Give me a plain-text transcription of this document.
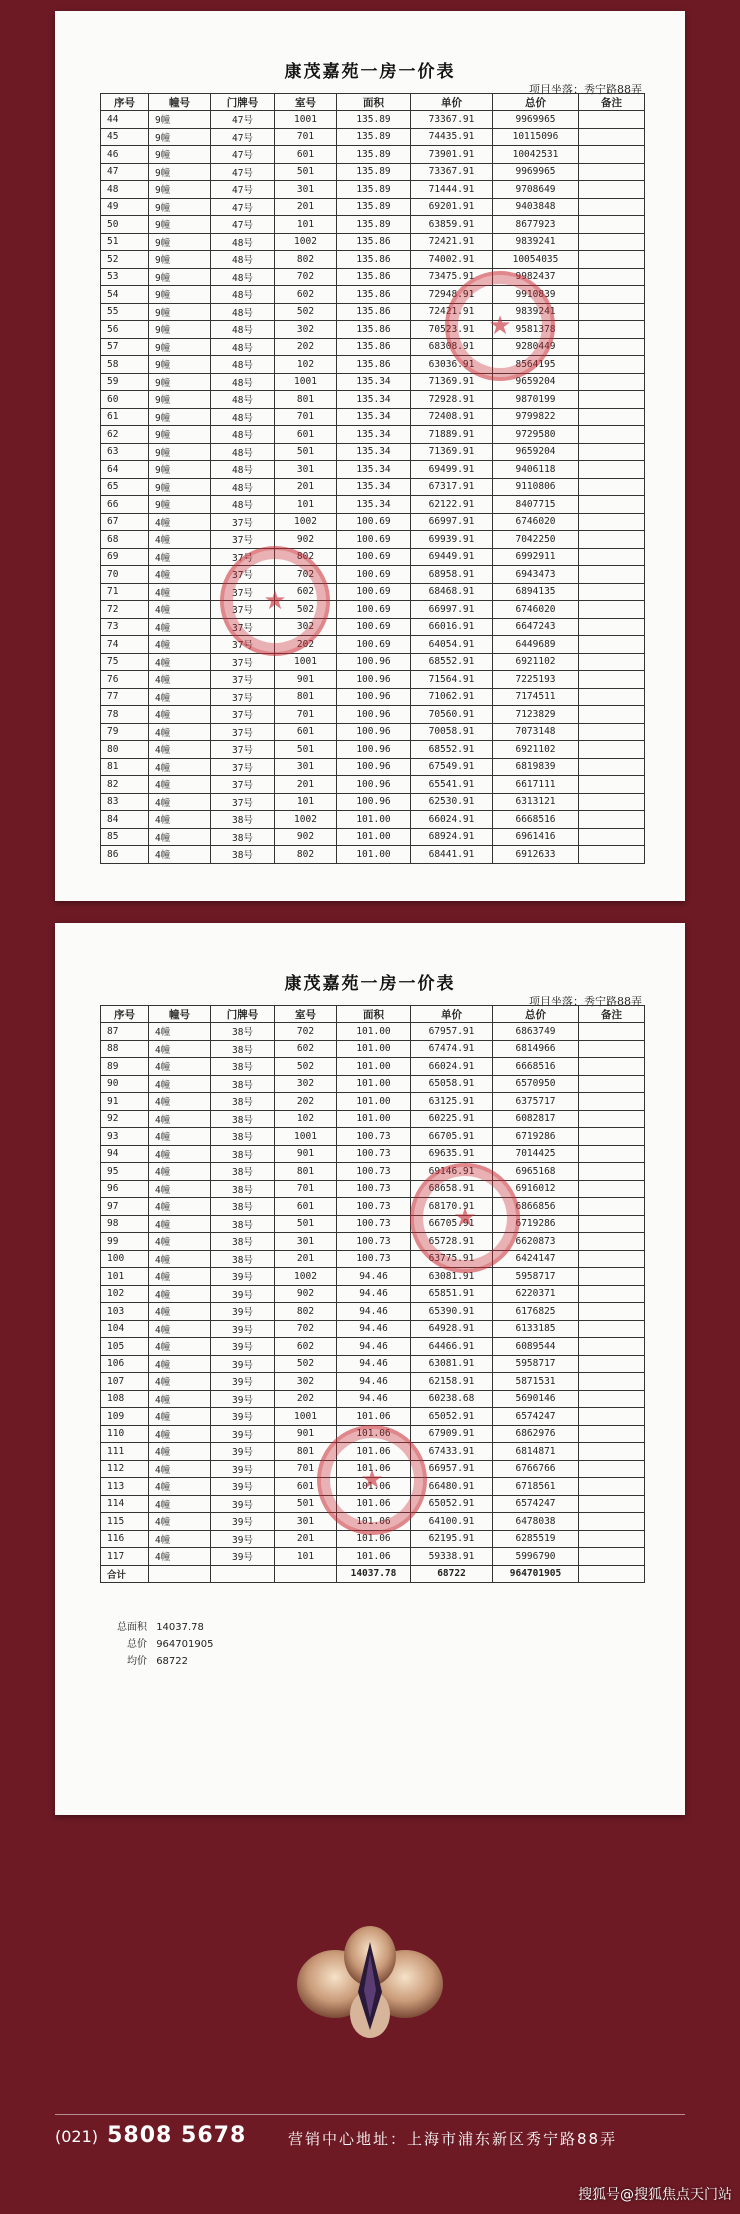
康茂嘉苑一房一价表
项目坐落：秀宁路88弄
序号	幢号	门牌号	室号	面积	单价	总价	备注
44	9幢	47号	1001	135.89	73367.91	9969965	
45	9幢	47号	701	135.89	74435.91	10115096	
46	9幢	47号	601	135.89	73901.91	10042531	
47	9幢	47号	501	135.89	73367.91	9969965	
48	9幢	47号	301	135.89	71444.91	9708649	
49	9幢	47号	201	135.89	69201.91	9403848	
50	9幢	47号	101	135.89	63859.91	8677923	
51	9幢	48号	1002	135.86	72421.91	9839241	
52	9幢	48号	802	135.86	74002.91	10054035	
53	9幢	48号	702	135.86	73475.91	9982437	
54	9幢	48号	602	135.86	72948.91	9910839	
55	9幢	48号	502	135.86	72421.91	9839241	
56	9幢	48号	302	135.86	70523.91	9581378	
57	9幢	48号	202	135.86	68308.91	9280449	
58	9幢	48号	102	135.86	63036.91	8564195	
59	9幢	48号	1001	135.34	71369.91	9659204	
60	9幢	48号	801	135.34	72928.91	9870199	
61	9幢	48号	701	135.34	72408.91	9799822	
62	9幢	48号	601	135.34	71889.91	9729580	
63	9幢	48号	501	135.34	71369.91	9659204	
64	9幢	48号	301	135.34	69499.91	9406118	
65	9幢	48号	201	135.34	67317.91	9110806	
66	9幢	48号	101	135.34	62122.91	8407715	
67	4幢	37号	1002	100.69	66997.91	6746020	
68	4幢	37号	902	100.69	69939.91	7042250	
69	4幢	37号	802	100.69	69449.91	6992911	
70	4幢	37号	702	100.69	68958.91	6943473	
71	4幢	37号	602	100.69	68468.91	6894135	
72	4幢	37号	502	100.69	66997.91	6746020	
73	4幢	37号	302	100.69	66016.91	6647243	
74	4幢	37号	202	100.69	64054.91	6449689	
75	4幢	37号	1001	100.96	68552.91	6921102	
76	4幢	37号	901	100.96	71564.91	7225193	
77	4幢	37号	801	100.96	71062.91	7174511	
78	4幢	37号	701	100.96	70560.91	7123829	
79	4幢	37号	601	100.96	70058.91	7073148	
80	4幢	37号	501	100.96	68552.91	6921102	
81	4幢	37号	301	100.96	67549.91	6819839	
82	4幢	37号	201	100.96	65541.91	6617111	
83	4幢	37号	101	100.96	62530.91	6313121	
84	4幢	38号	1002	101.00	66024.91	6668516	
85	4幢	38号	902	101.00	68924.91	6961416	
86	4幢	38号	802	101.00	68441.91	6912633	
★
★
康茂嘉苑一房一价表
项目坐落：秀宁路88弄
序号	幢号	门牌号	室号	面积	单价	总价	备注
87	4幢	38号	702	101.00	67957.91	6863749	
88	4幢	38号	602	101.00	67474.91	6814966	
89	4幢	38号	502	101.00	66024.91	6668516	
90	4幢	38号	302	101.00	65058.91	6570950	
91	4幢	38号	202	101.00	63125.91	6375717	
92	4幢	38号	102	101.00	60225.91	6082817	
93	4幢	38号	1001	100.73	66705.91	6719286	
94	4幢	38号	901	100.73	69635.91	7014425	
95	4幢	38号	801	100.73	69146.91	6965168	
96	4幢	38号	701	100.73	68658.91	6916012	
97	4幢	38号	601	100.73	68170.91	6866856	
98	4幢	38号	501	100.73	66705.91	6719286	
99	4幢	38号	301	100.73	65728.91	6620873	
100	4幢	38号	201	100.73	63775.91	6424147	
101	4幢	39号	1002	94.46	63081.91	5958717	
102	4幢	39号	902	94.46	65851.91	6220371	
103	4幢	39号	802	94.46	65390.91	6176825	
104	4幢	39号	702	94.46	64928.91	6133185	
105	4幢	39号	602	94.46	64466.91	6089544	
106	4幢	39号	502	94.46	63081.91	5958717	
107	4幢	39号	302	94.46	62158.91	5871531	
108	4幢	39号	202	94.46	60238.68	5690146	
109	4幢	39号	1001	101.06	65052.91	6574247	
110	4幢	39号	901	101.06	67909.91	6862976	
111	4幢	39号	801	101.06	67433.91	6814871	
112	4幢	39号	701	101.06	66957.91	6766766	
113	4幢	39号	601	101.06	66480.91	6718561	
114	4幢	39号	501	101.06	65052.91	6574247	
115	4幢	39号	301	101.06	64100.91	6478038	
116	4幢	39号	201	101.06	62195.91	6285519	
117	4幢	39号	101	101.06	59338.91	5996790	
合计				14037.78	68722	964701905	
★
★
总面积 14037.78
总价 964701905
均价 68722
(021) 5808 5678	营销中心地址：上海市浦东新区秀宁路88弄
搜狐号@搜狐焦点天门站
